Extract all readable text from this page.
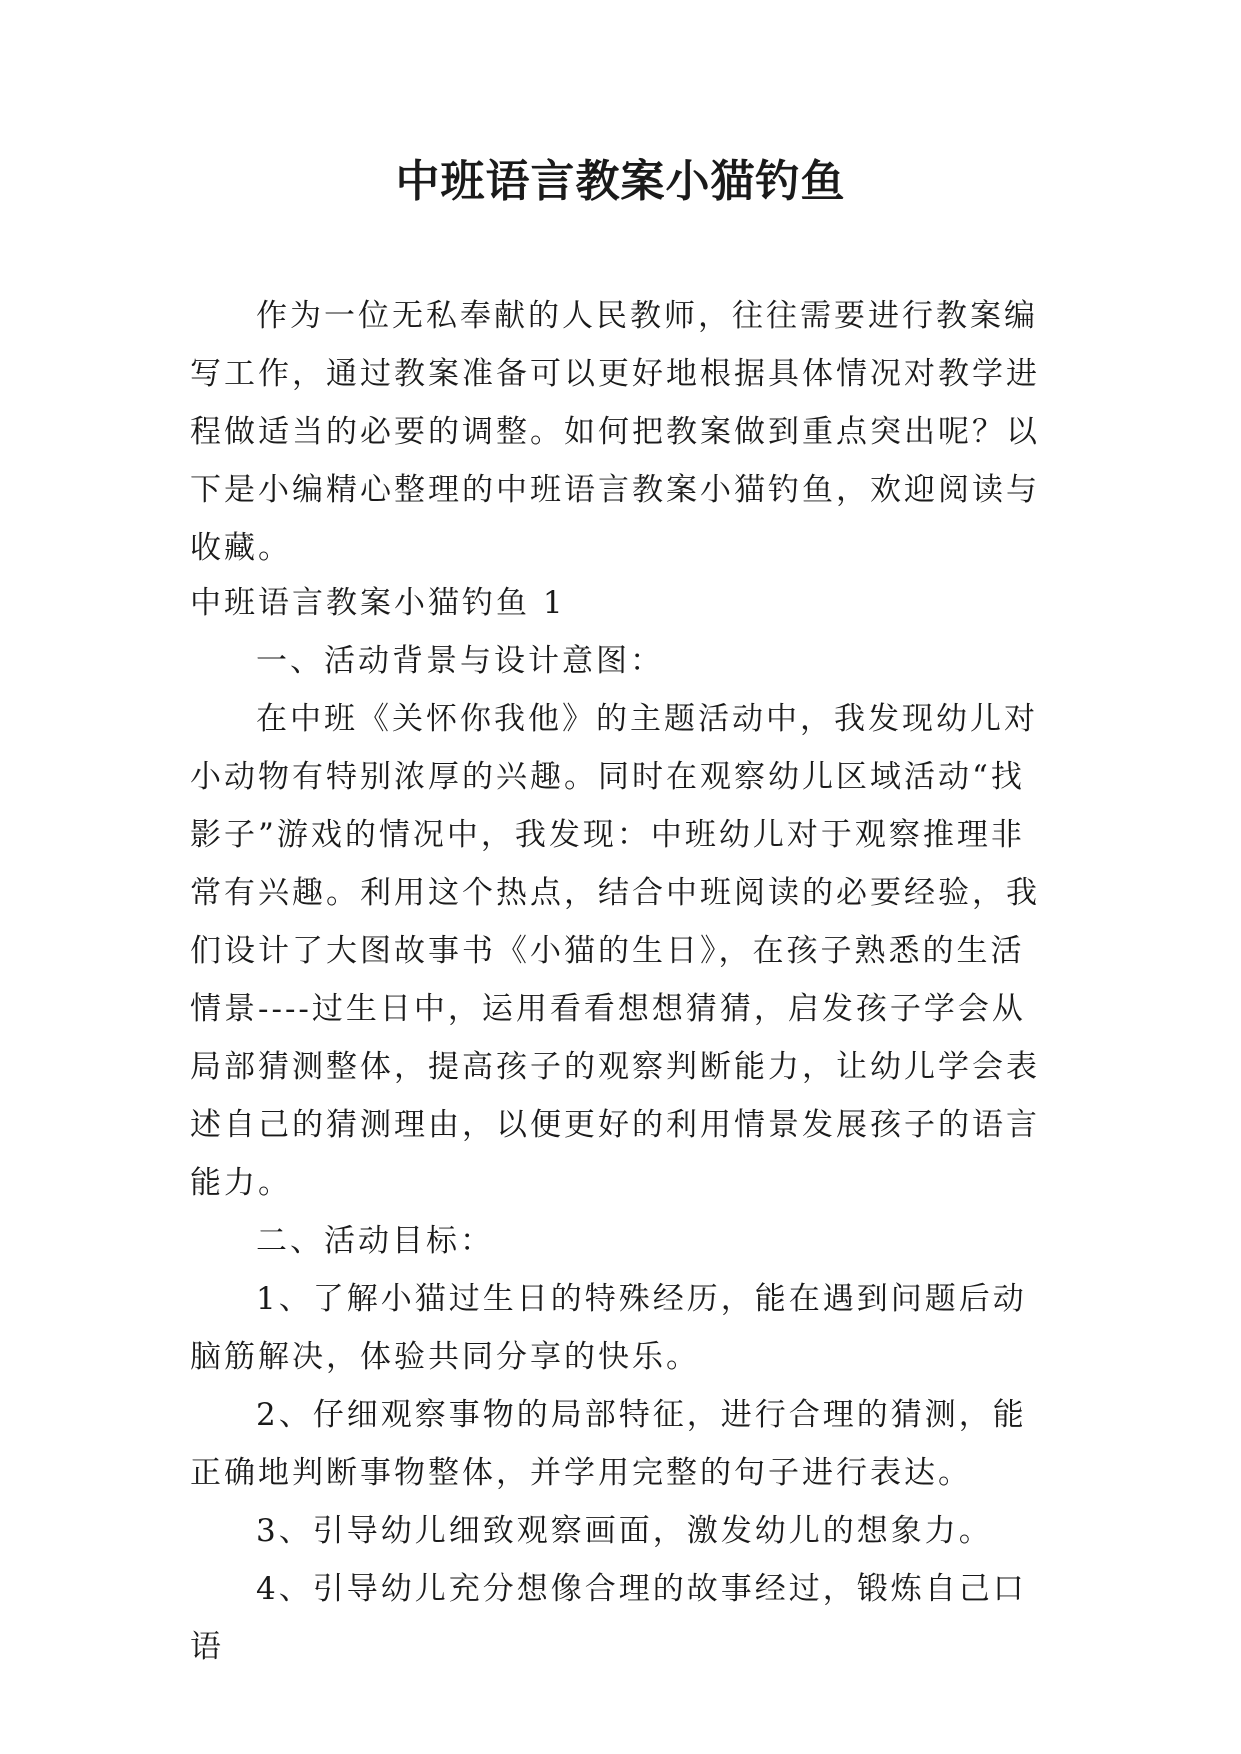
中班语言教案小猫钓鱼

作为一位无私奉献的人民教师，往往需要进行教案编写工作，通过教案准备可以更好地根据具体情况对教学进程做适当的必要的调整。如何把教案做到重点突出呢？以下是小编精心整理的中班语言教案小猫钓鱼，欢迎阅读与收藏。

中班语言教案小猫钓鱼 1

一、活动背景与设计意图：

在中班《关怀你我他》的主题活动中，我发现幼儿对小动物有特别浓厚的兴趣。同时在观察幼儿区域活动“找影子”游戏的情况中，我发现：中班幼儿对于观察推理非常有兴趣。利用这个热点，结合中班阅读的必要经验，我们设计了大图故事书《小猫的生日》，在孩子熟悉的生活情景----过生日中，运用看看想想猜猜，启发孩子学会从局部猜测整体，提高孩子的观察判断能力，让幼儿学会表述自己的猜测理由，以便更好的利用情景发展孩子的语言能力。

二、活动目标：

1、了解小猫过生日的特殊经历，能在遇到问题后动脑筋解决，体验共同分享的快乐。

2、仔细观察事物的局部特征，进行合理的猜测，能正确地判断事物整体，并学用完整的句子进行表达。

3、引导幼儿细致观察画面，激发幼儿的想象力。

4、引导幼儿充分想像合理的故事经过，锻炼自己口语
